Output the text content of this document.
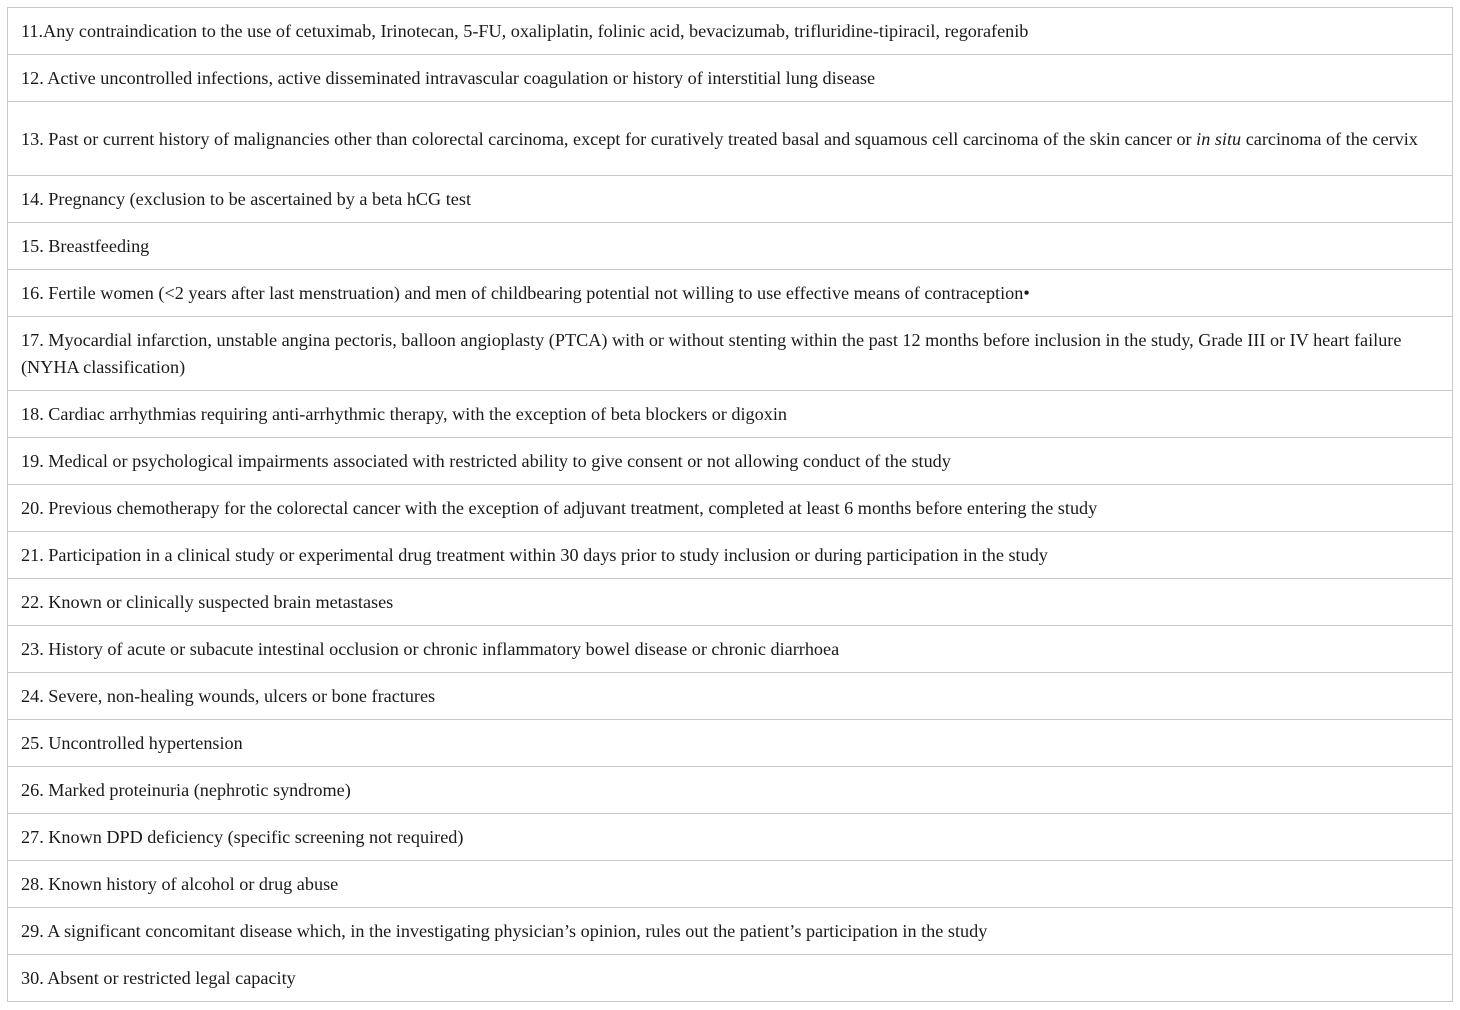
11.Any contraindication to the use of cetuximab, Irinotecan, 5-FU, oxaliplatin, folinic acid, bevacizumab, trifluridine-tipiracil, regorafenib
12. Active uncontrolled infections, active disseminated intravascular coagulation or history of interstitial lung disease
13. Past or current history of malignancies other than colorectal carcinoma, except for curatively treated basal and squamous cell carcinoma of the skin cancer or in situ carcinoma of the cervix
14. Pregnancy (exclusion to be ascertained by a beta hCG test
15. Breastfeeding
16. Fertile women (<2 years after last menstruation) and men of childbearing potential not willing to use effective means of contraception•
17. Myocardial infarction, unstable angina pectoris, balloon angioplasty (PTCA) with or without stenting within the past 12 months before inclusion in the study, Grade III or IV heart failure (NYHA classification)
18. Cardiac arrhythmias requiring anti-arrhythmic therapy, with the exception of beta blockers or digoxin
19. Medical or psychological impairments associated with restricted ability to give consent or not allowing conduct of the study
20. Previous chemotherapy for the colorectal cancer with the exception of adjuvant treatment, completed at least 6 months before entering the study
21. Participation in a clinical study or experimental drug treatment within 30 days prior to study inclusion or during participation in the study
22. Known or clinically suspected brain metastases
23. History of acute or subacute intestinal occlusion or chronic inflammatory bowel disease or chronic diarrhoea
24. Severe, non-healing wounds, ulcers or bone fractures
25. Uncontrolled hypertension
26. Marked proteinuria (nephrotic syndrome)
27. Known DPD deficiency (specific screening not required)
28. Known history of alcohol or drug abuse
29. A significant concomitant disease which, in the investigating physician’s opinion, rules out the patient’s participation in the study
30. Absent or restricted legal capacity
